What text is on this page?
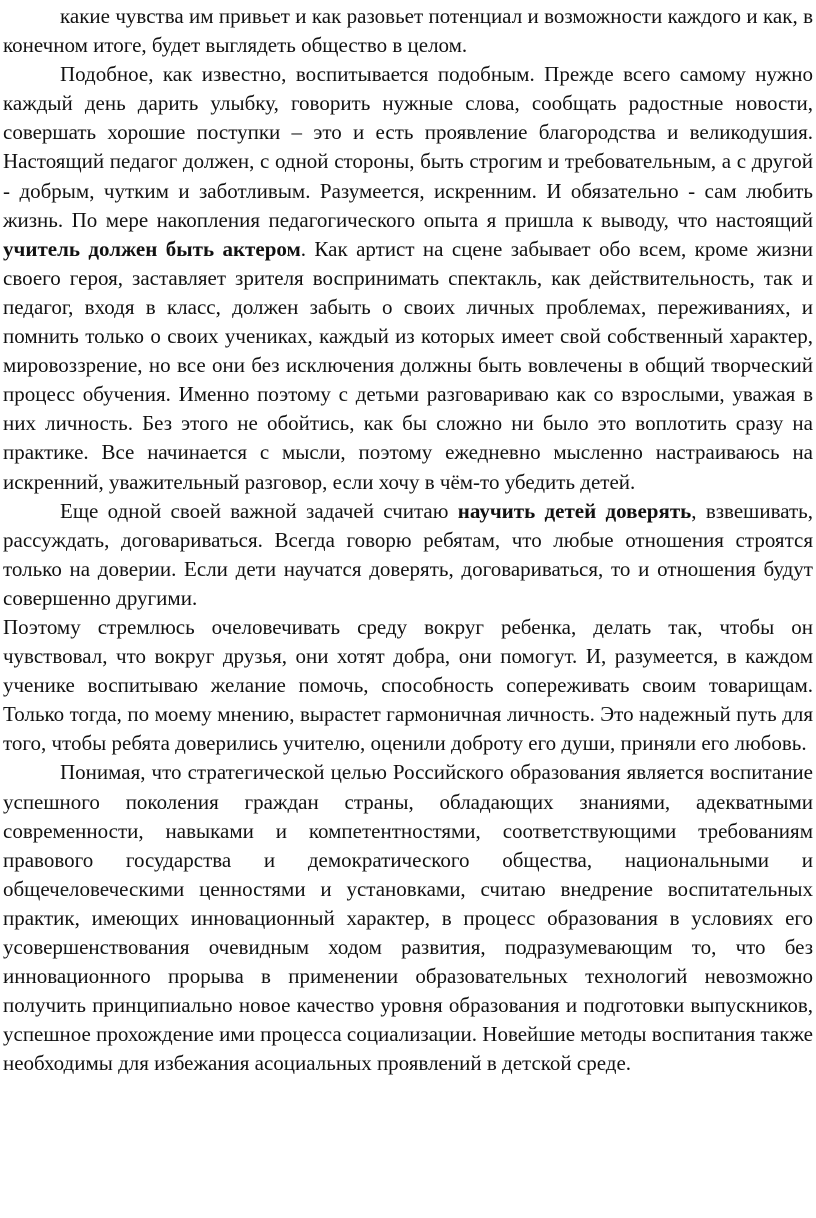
какие чувства им привьет и как разовьет потенциал и возможности каждого и как, в конечном итоге, будет выглядеть общество в целом.

Подобное, как известно, воспитывается подобным. Прежде всего самому нужно каждый день дарить улыбку, говорить нужные слова, сообщать радостные новости, совершать хорошие поступки – это и есть проявление благородства и великодушия. Настоящий педагог должен, с одной стороны, быть строгим и требовательным, а с другой - добрым, чутким и заботливым. Разумеется, искренним. И обязательно - сам любить жизнь. По мере накопления педагогического опыта я пришла к выводу, что настоящий учитель должен быть актером. Как артист на сцене забывает обо всем, кроме жизни своего героя, заставляет зрителя воспринимать спектакль, как действительность, так и педагог, входя в класс, должен забыть о своих личных проблемах, переживаниях, и помнить только о своих учениках, каждый из которых имеет свой собственный характер, мировоззрение, но все они без исключения должны быть вовлечены в общий творческий процесс обучения. Именно поэтому с детьми разговариваю как со взрослыми, уважая в них личность. Без этого не обойтись, как бы сложно ни было это воплотить сразу на практике. Все начинается с мысли, поэтому ежедневно мысленно настраиваюсь на искренний, уважительный разговор, если хочу в чём-то убедить детей.

Еще одной своей важной задачей считаю научить детей доверять, взвешивать, рассуждать, договариваться. Всегда говорю ребятам, что любые отношения строятся только на доверии. Если дети научатся доверять, договариваться, то и отношения будут совершенно другими.

Поэтому стремлюсь очеловечивать среду вокруг ребенка, делать так, чтобы он чувствовал, что вокруг друзья, они хотят добра, они помогут. И, разумеется, в каждом ученике воспитываю желание помочь, способность сопереживать своим товарищам. Только тогда, по моему мнению, вырастет гармоничная личность. Это надежный путь для того, чтобы ребята доверились учителю, оценили доброту его души, приняли его любовь.

Понимая, что стратегической целью Российского образования является воспитание успешного поколения граждан страны, обладающих знаниями, адекватными современности, навыками и компетентностями, соответствующими требованиям правового государства и демократического общества, национальными и общечеловеческими ценностями и установками, считаю внедрение воспитательных практик, имеющих инновационный характер, в процесс образования в условиях его усовершенствования очевидным ходом развития, подразумевающим то, что без инновационного прорыва в применении образовательных технологий невозможно получить принципиально новое качество уровня образования и подготовки выпускников, успешное прохождение ими процесса социализации. Новейшие методы воспитания также необходимы для избежания асоциальных проявлений в детской среде.
